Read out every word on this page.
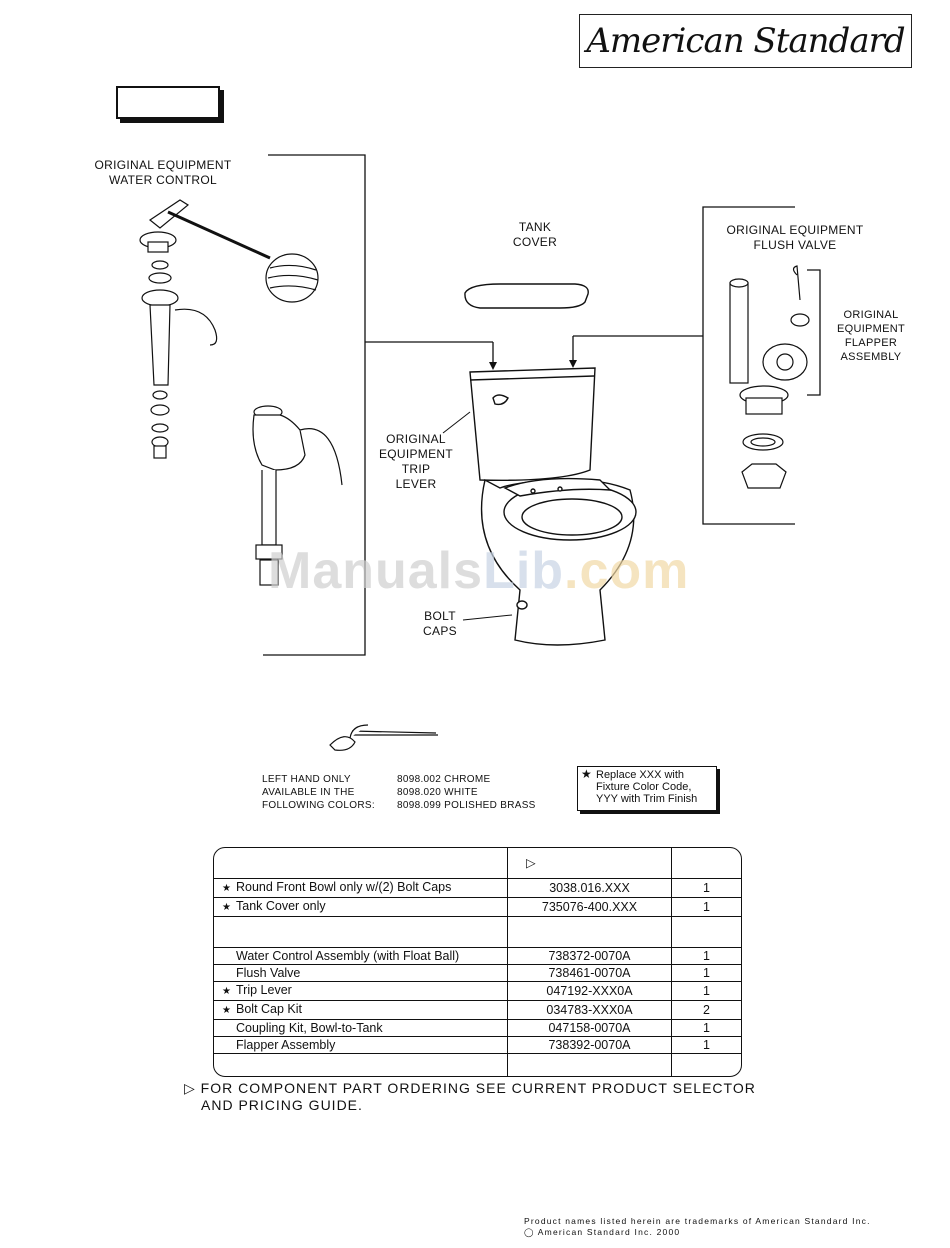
American Standard
ORIGINAL EQUIPMENT
WATER CONTROL
TANK
COVER
ORIGINAL EQUIPMENT
FLUSH VALVE
ORIGINAL
EQUIPMENT
FLAPPER
ASSEMBLY
ORIGINAL
EQUIPMENT
TRIP
LEVER
BOLT
CAPS
ManualsLib.com
LEFT HAND ONLY
AVAILABLE IN THE
FOLLOWING COLORS:
8098.002 CHROME
8098.020 WHITE
8098.099 POLISHED BRASS
★ Replace XXX with
Fixture Color Code,
YYY with Trim Finish
	▷	
★ Round Front Bowl only w/(2) Bolt Caps	3038.016.XXX	1
★ Tank Cover only	735076-400.XXX	1

Water Control Assembly (with Float Ball)	738372-0070A	1
Flush Valve	738461-0070A	1
★ Trip Lever	047192-XXX0A	1
★ Bolt Cap Kit	034783-XXX0A	2
Coupling Kit, Bowl-to-Tank	047158-0070A	1
Flapper Assembly	738392-0070A	1

▷ FOR COMPONENT PART ORDERING SEE CURRENT PRODUCT SELECTOR
AND PRICING GUIDE.
Product names listed herein are trademarks of American Standard Inc.
◯ American Standard Inc. 2000
